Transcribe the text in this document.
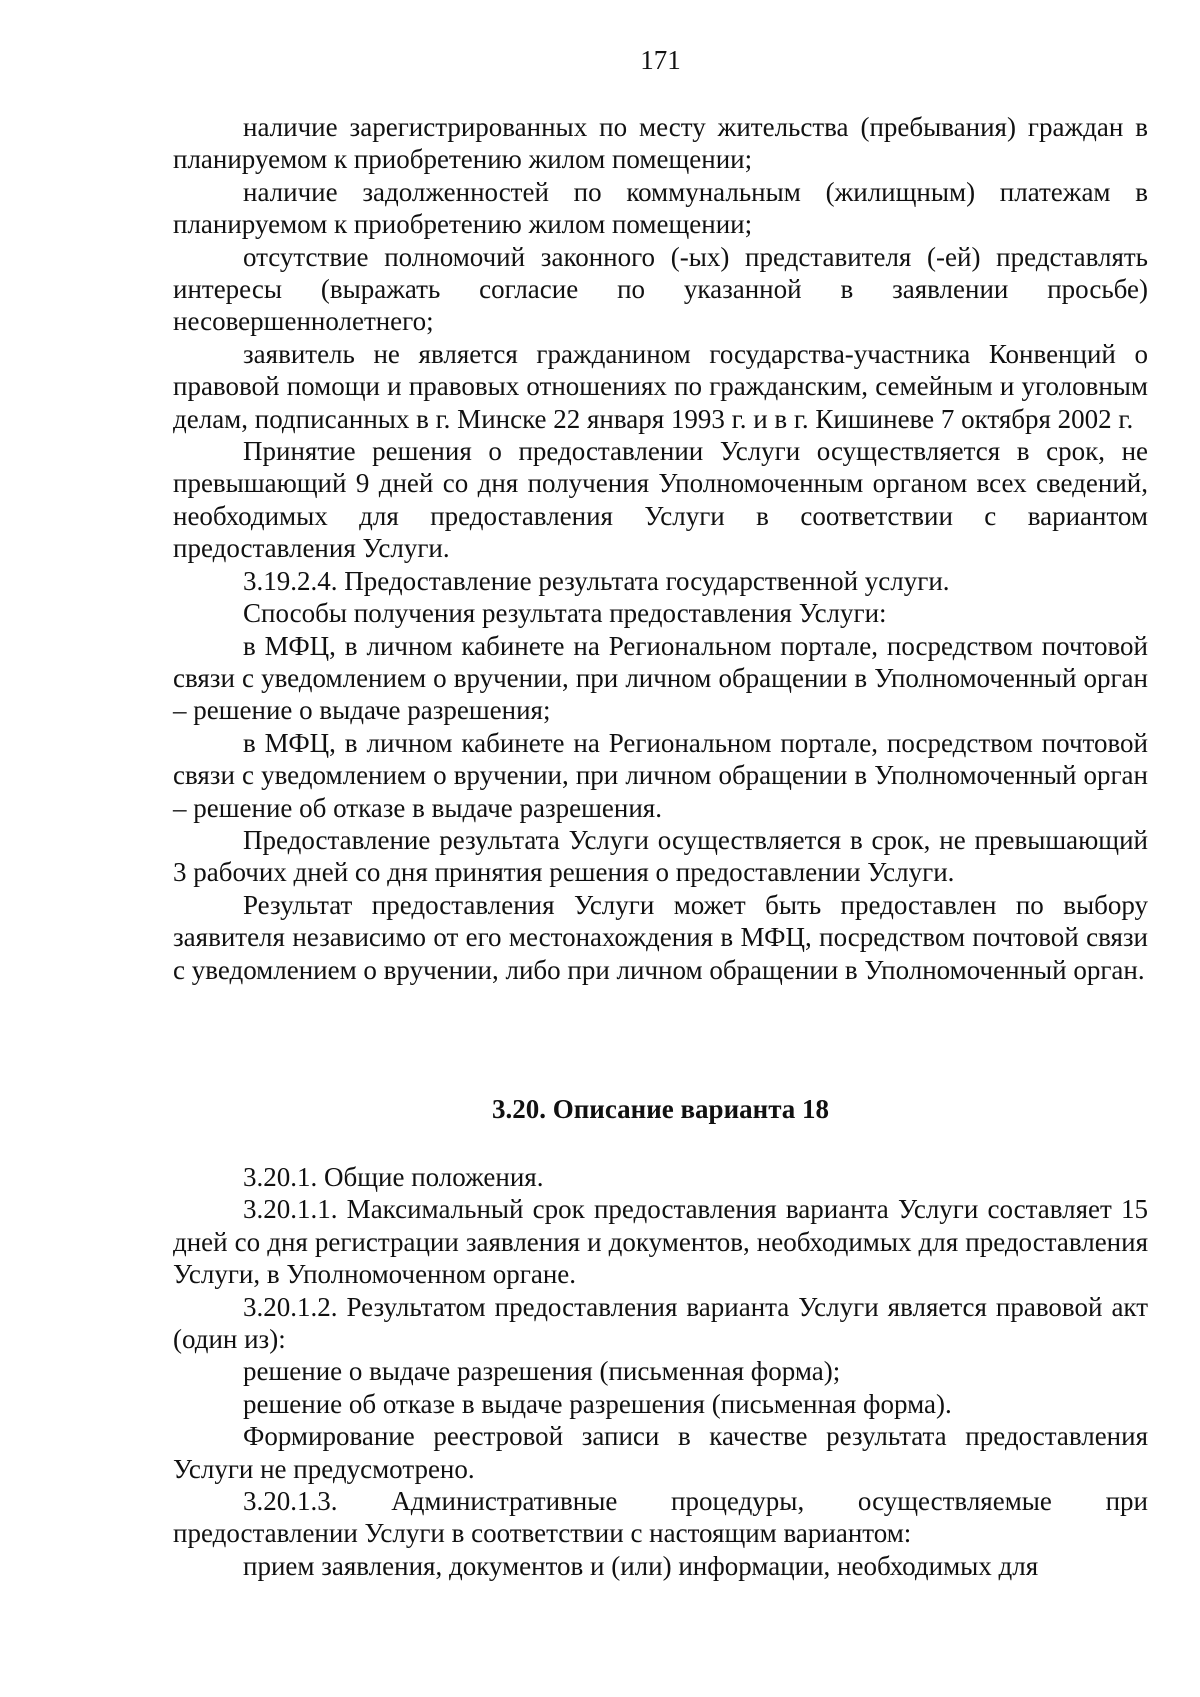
171

наличие зарегистрированных по месту жительства (пребывания) граждан в планируемом к приобретению жилом помещении;

наличие задолженностей по коммунальным (жилищным) платежам в планируемом к приобретению жилом помещении;

отсутствие полномочий законного (-ых) представителя (-ей) представлять интересы (выражать согласие по указанной в заявлении просьбе) несовершеннолетнего;

заявитель не является гражданином государства-участника Конвенций о правовой помощи и правовых отношениях по гражданским, семейным и уголовным делам, подписанных в г. Минске 22 января 1993 г. и в г. Кишиневе 7 октября 2002 г.

Принятие решения о предоставлении Услуги осуществляется в срок, не превышающий 9 дней со дня получения Уполномоченным органом всех сведений, необходимых для предоставления Услуги в соответствии с вариантом предоставления Услуги.

3.19.2.4. Предоставление результата государственной услуги.

Способы получения результата предоставления Услуги:

в МФЦ, в личном кабинете на Региональном портале, посредством почтовой связи с уведомлением о вручении, при личном обращении в Уполномоченный орган – решение о выдаче разрешения;

в МФЦ, в личном кабинете на Региональном портале, посредством почтовой связи с уведомлением о вручении, при личном обращении в Уполномоченный орган – решение об отказе в выдаче разрешения.

Предоставление результата Услуги осуществляется в срок, не превышающий 3 рабочих дней со дня принятия решения о предоставлении Услуги.

Результат предоставления Услуги может быть предоставлен по выбору заявителя независимо от его местонахождения в МФЦ, посредством почтовой связи с уведомлением о вручении, либо при личном обращении в Уполномоченный орган.

3.20. Описание варианта 18

3.20.1. Общие положения.

3.20.1.1. Максимальный срок предоставления варианта Услуги составляет 15 дней со дня регистрации заявления и документов, необходимых для предоставления Услуги, в Уполномоченном органе.

3.20.1.2. Результатом предоставления варианта Услуги является правовой акт (один из):

решение о выдаче разрешения (письменная форма);

решение об отказе в выдаче разрешения (письменная форма).

Формирование реестровой записи в качестве результата предоставления Услуги не предусмотрено.

3.20.1.3. Административные процедуры, осуществляемые при предоставлении Услуги в соответствии с настоящим вариантом:

прием заявления, документов и (или) информации, необходимых для
